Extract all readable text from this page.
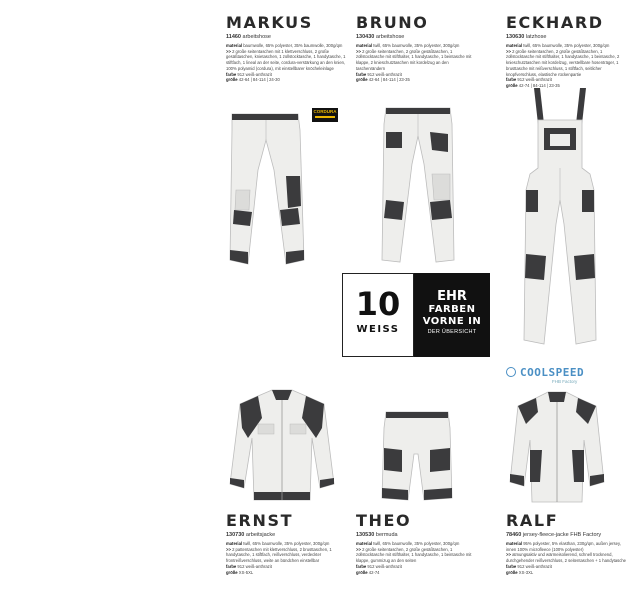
MARKUS
11460 arbeitshose
material baumwolle, 65% polyester, 35% baumwolle, 300g/qm
>> 2 große seitentaschen mit 1 klettverschluss, 2 große gesäßtaschen, knietaschen, 1 zollstocktasche, 1 handytasche, 1 stiftfach, 1 lineal an der seite, cordura-verstärkung an den knien, 100% polyamid (cordura), mit einstellbarer knöcheleinlage
farbe 912 weiß-anthrazit
größe 42-64 | 84-114 | 24-30
BRUNO
130430 arbeitshose
material twill, 65% baumwolle, 35% polyester, 300g/qm
>> 2 große seitentaschen, 2 große gesäßtaschen, 1 zollstocktasche mit stifthalter, 1 handytasche, 1 beintasche mit klappe, 2 knieschutztaschen mit kordelzug an den taschenrändern
farbe 912 weiß-anthrazit
größe 42-64 | 84-114 | 23-35
ECKHARD
130630 latzhose
material twill, 65% baumwolle, 35% polyester, 300g/qm
>> 2 große seitentaschen, 2 große gesäßtaschen, 1 zollstocktasche mit stifthalter, 1 handytasche, 1 beintasche, 2 knieschutztaschen mit kordelzug, verstellbare hosenträger, 1 brusttasche mit reißverschluss, 1 stiftfach, seitlicher knopfverschluss, elastische rückenpartie
farbe 912 weiß-anthrazit
größe 42-74 | 84-114 | 23-35
CORDURA
10
WEISS
EHR
FARBEN
VORNE IN
DER ÜBERSICHT
COOLSPEED
FHB Factory
ERNST
130730 arbeitsjacke
material twill, 65% baumwolle, 35% polyester, 300g/qm
>> 2 pattentaschen mit klettverschluss, 2 brusttaschen, 1 handytasche, 1 stiftfach, reißverschluss, verdeckter frontreißverschluss, weite an bündchen einstellbar
farbe 912 weiß-anthrazit
größe XS-5XL
THEO
130530 bermuda
material twill, 65% baumwolle, 35% polyester, 300g/qm
>> 2 große seitentaschen, 2 große gesäßtaschen, 1 zollstocktasche mit stifthalter, 1 handytasche, 1 beintasche mit klappe, gummizug an den seiten
farbe 912 weiß-anthrazit
größe 42-74
RALF
78460 jersey-fleece-jacke FHB Factory
material 95% polyester, 5% elasthan, 230g/qm, außen jersey, innen 100% microfleece (100% polyester)
>> atmungsaktiv und wärmeisolierend, schnell trocknend, durchgehender reißverschluss, 2 seitentaschen + 1 handytasche
farbe 912 weiß-anthrazit
größe XS-3XL
